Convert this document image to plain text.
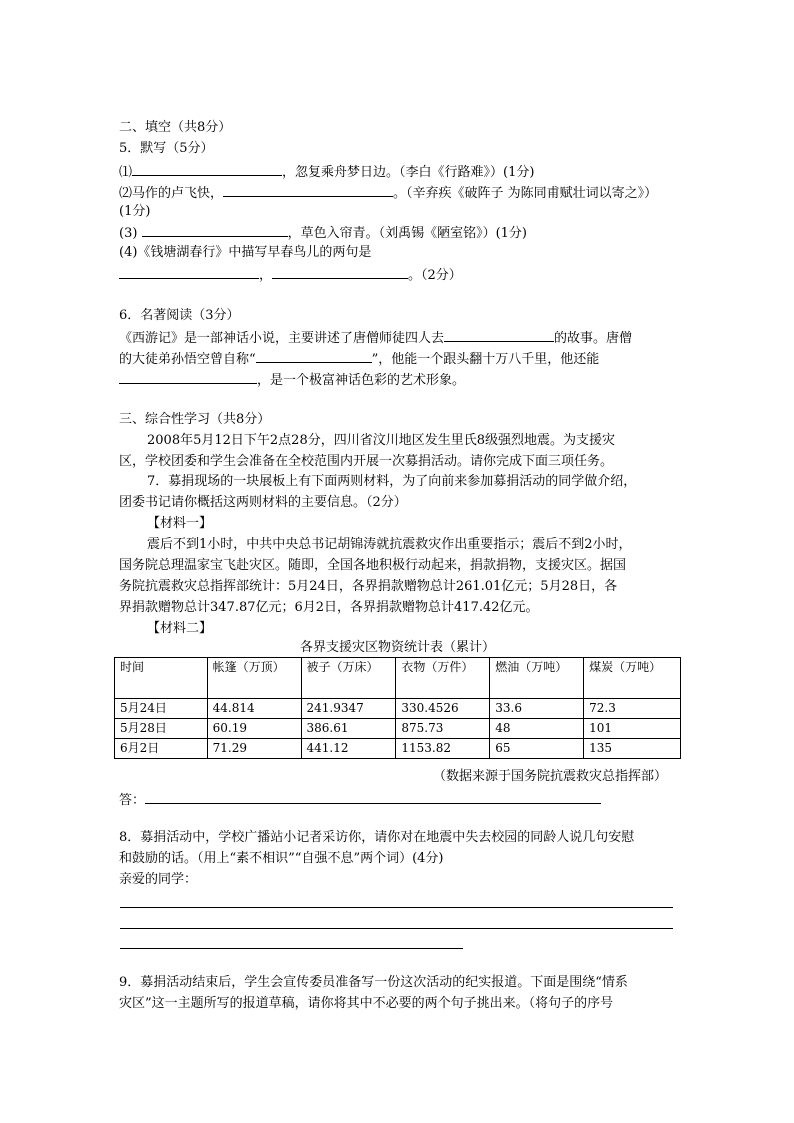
二、填空（共8分）
5．默写（5分）
⑴	，忽复乘舟梦日边。（李白《行路难》）(1分)
⑵马作的卢飞快，	。（辛弃疾《破阵子 为陈同甫赋壮词以寄之》）
(1分)
(3)	，草色入帘青。（刘禹锡《陋室铭》）(1分)
(4)《钱塘湖春行》中描写早春鸟儿的两句是
，	。（2分）
6．名著阅读（3分）
《西游记》是一部神话小说，主要讲述了唐僧师徒四人去	的故事。唐僧
的大徒弟孙悟空曾自称“	”，他能一个跟头翻十万八千里，他还能
，是一个极富神话色彩的艺术形象。
三、综合性学习（共8分）
2008年5月12日下午2点28分，四川省汶川地区发生里氏8级强烈地震。为支援灾
区，学校团委和学生会准备在全校范围内开展一次募捐活动。请你完成下面三项任务。
7．募捐现场的一块展板上有下面两则材料，为了向前来参加募捐活动的同学做介绍，
团委书记请你概括这两则材料的主要信息。（2分）
【材料一】
震后不到1小时，中共中央总书记胡锦涛就抗震救灾作出重要指示；震后不到2小时，
国务院总理温家宝飞赴灾区。随即，全国各地积极行动起来，捐款捐物，支援灾区。据国
务院抗震救灾总指挥部统计：5月24日，各界捐款赠物总计261.01亿元；5月28日，各
界捐款赠物总计347.87亿元；6月2日，各界捐款赠物总计417.42亿元。
【材料二】
各界支援灾区物资统计表（累计）
时间	帐篷（万顶）	被子（万床）	衣物（万件）	燃油（万吨）	煤炭（万吨）
5月24日	44.814	241.9347	330.4526	33.6	72.3
5月28日	60.19	386.61	875.73	48	101
6月2日	71.29	441.12	1153.82	65	135
（数据来源于国务院抗震救灾总指挥部）
答：
8．募捐活动中，学校广播站小记者采访你，请你对在地震中失去校园的同龄人说几句安慰
和鼓励的话。（用上“素不相识”“自强不息”两个词）(4分)
亲爱的同学：
9．募捐活动结束后，学生会宣传委员准备写一份这次活动的纪实报道。下面是围绕“情系
灾区”这一主题所写的报道草稿，请你将其中不必要的两个句子挑出来。（将句子的序号
